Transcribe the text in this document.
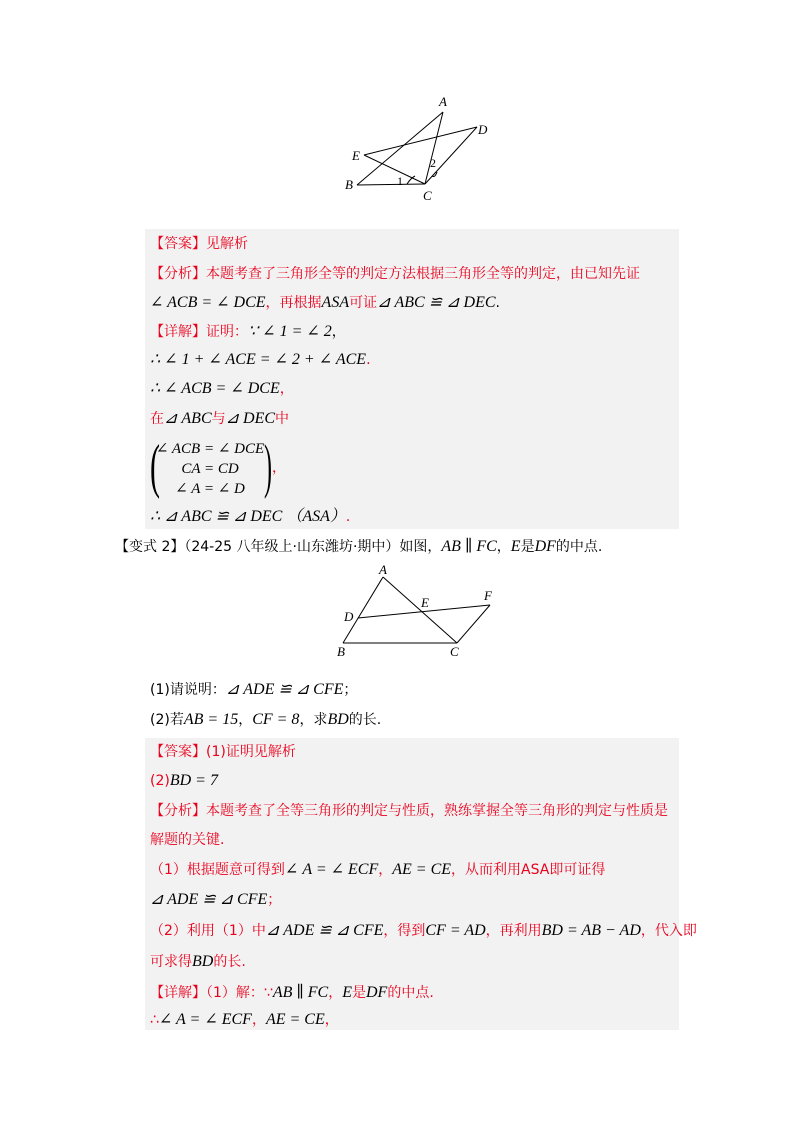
A
D
E
B
C
1
2
【答案】见解析
【分析】本题考查了三角形全等的判定方法根据三角形全等的判定，由已知先证
∠ ACB = ∠ DCE，再根据ASA可证⊿ ABC ≌ ⊿ DEC.
【详解】证明：∵ ∠ 1 = ∠ 2，
∴ ∠ 1 + ∠ ACE = ∠ 2 + ∠ ACE.
∴ ∠ ACB = ∠ DCE，
在⊿ ABC与⊿ DEC中
(
∠ ACB = ∠ DCE
CA = CD
∠ A = ∠ D ) ，
∴ ⊿ ABC ≌ ⊿ DEC （ASA）.
【变式 2】（24-25 八年级上·山东潍坊·期中）如图，AB ∥ FC，E是DF的中点.
A
E	F
D
B	C
(1)请说明：⊿ ADE ≌ ⊿ CFE；
(2)若AB = 15，CF = 8，求BD的长.
【答案】(1)证明见解析
(2)BD = 7
【分析】本题考查了全等三角形的判定与性质，熟练掌握全等三角形的判定与性质是
解题的关键.
（1）根据题意可得到∠ A = ∠ ECF，AE = CE，从而利用ASA即可证得
⊿ ADE ≌ ⊿ CFE；
（2）利用（1）中⊿ ADE ≌ ⊿ CFE，得到CF = AD，再利用BD = AB − AD，代入即
可求得BD的长.
【详解】（1）解：∵AB ∥ FC，E是DF的中点.
∴∠ A = ∠ ECF，AE = CE，
